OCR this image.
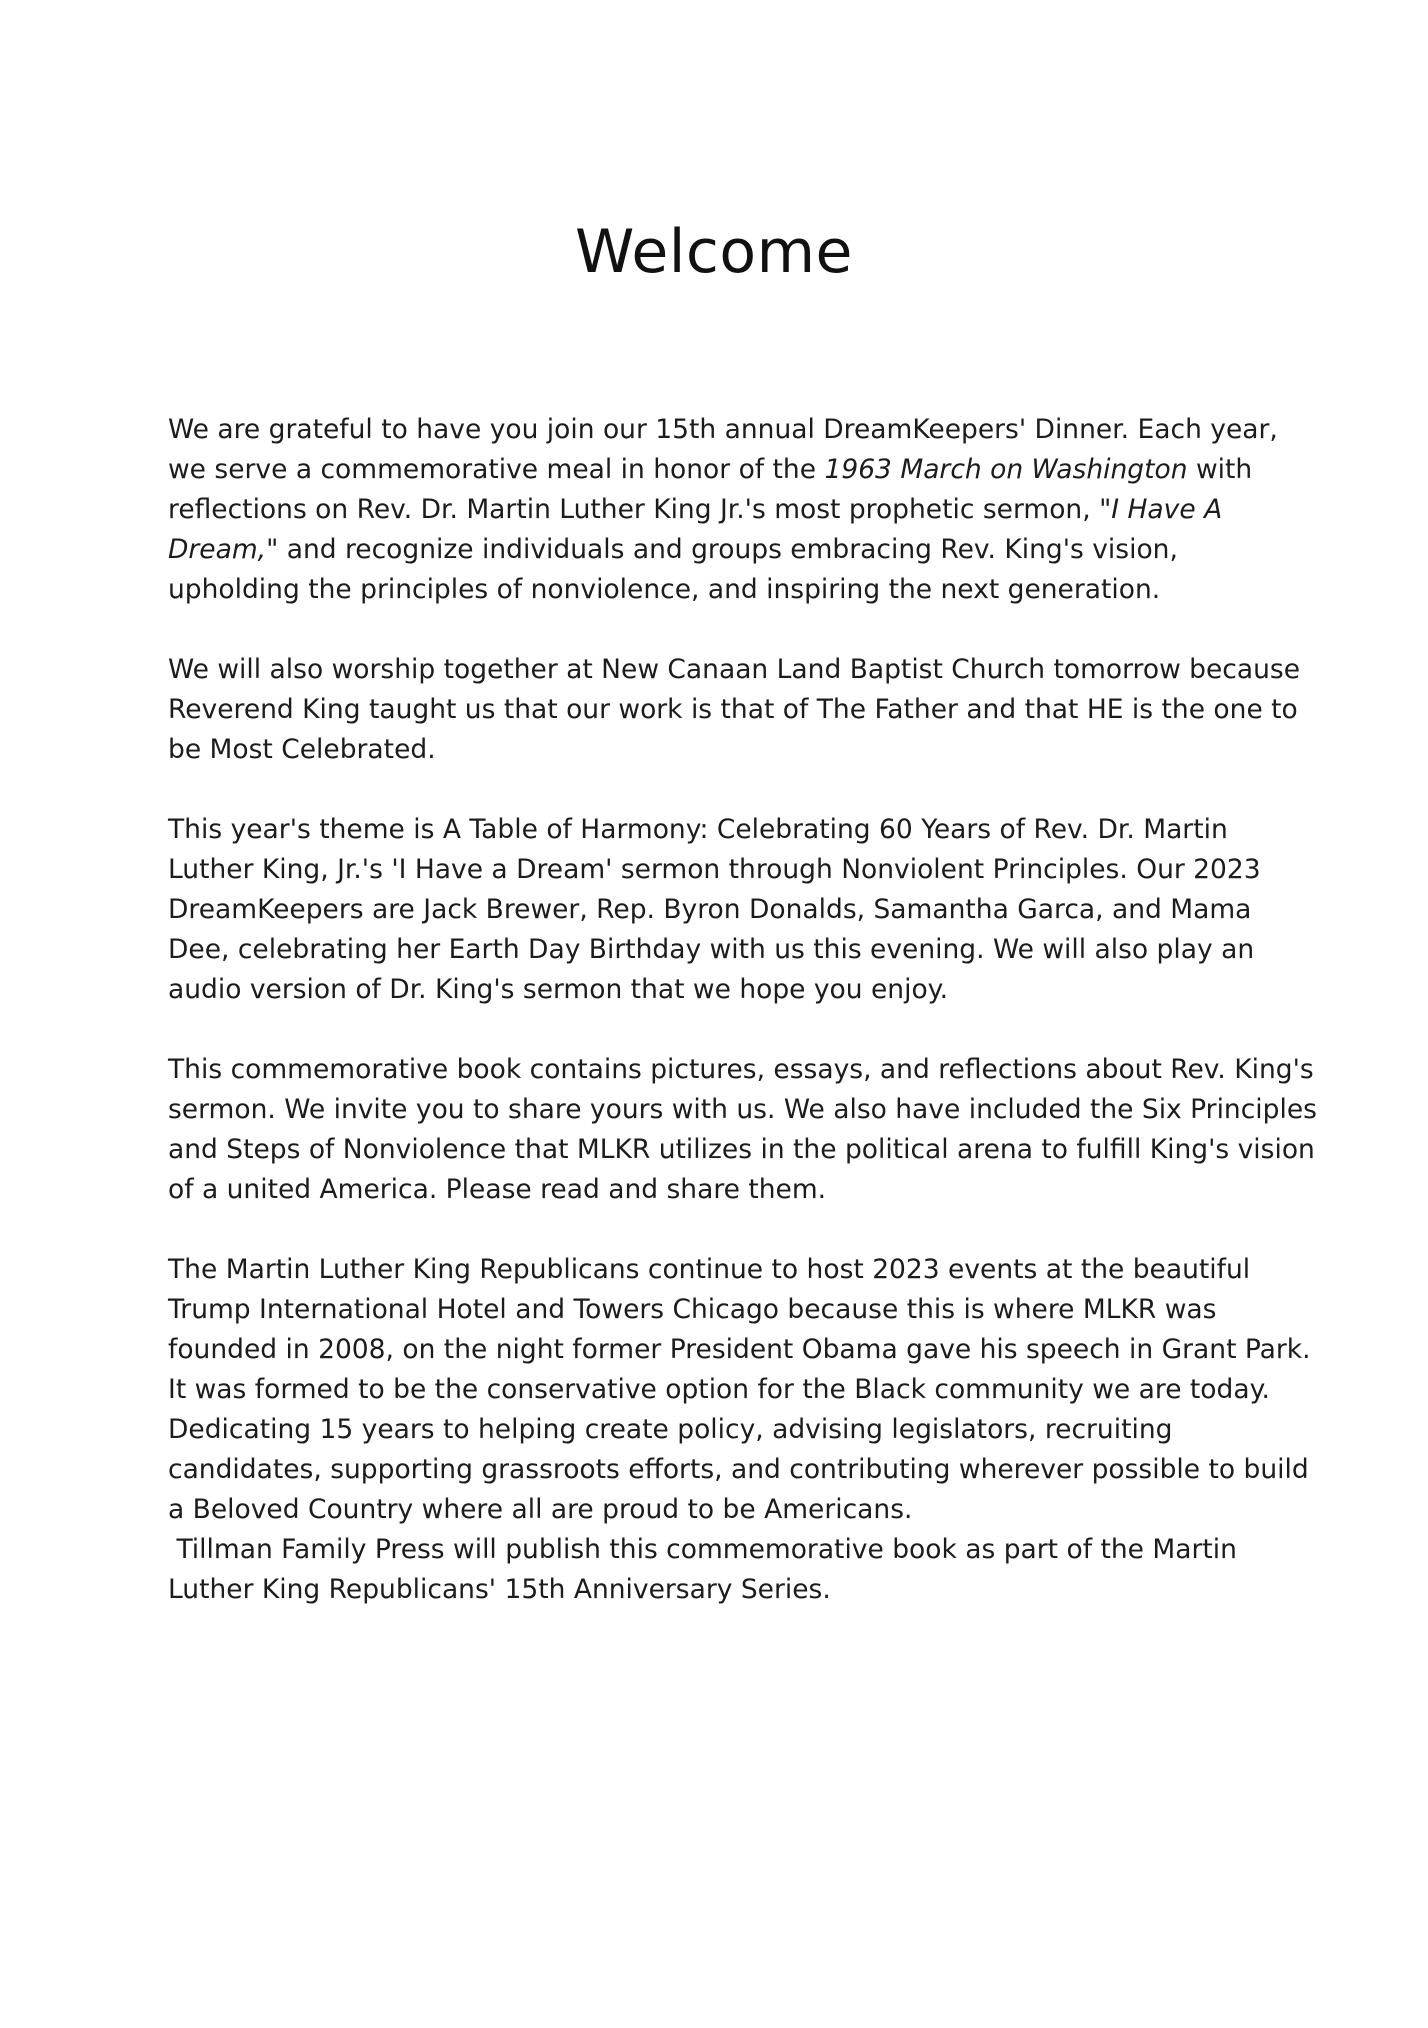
Welcome

We are grateful to have you join our 15th annual DreamKeepers' Dinner. Each year, we serve a commemorative meal in honor of the 1963 March on Washington with reflections on Rev. Dr. Martin Luther King Jr.'s most prophetic sermon, "I Have A Dream," and recognize individuals and groups embracing Rev. King's vision, upholding the principles of nonviolence, and inspiring the next generation.

We will also worship together at New Canaan Land Baptist Church tomorrow because Reverend King taught us that our work is that of The Father and that HE is the one to be Most Celebrated.

This year's theme is A Table of Harmony: Celebrating 60 Years of Rev. Dr. Martin Luther King, Jr.'s 'I Have a Dream' sermon through Nonviolent Principles. Our 2023 DreamKeepers are Jack Brewer, Rep. Byron Donalds, Samantha Garca, and Mama Dee, celebrating her Earth Day Birthday with us this evening. We will also play an audio version of Dr. King's sermon that we hope you enjoy.

This commemorative book contains pictures, essays, and reflections about Rev. King's sermon. We invite you to share yours with us. We also have included the Six Principles and Steps of Nonviolence that MLKR utilizes in the political arena to fulfill King's vision of a united America. Please read and share them.

The Martin Luther King Republicans continue to host 2023 events at the beautiful Trump International Hotel and Towers Chicago because this is where MLKR was founded in 2008, on the night former President Obama gave his speech in Grant Park. It was formed to be the conservative option for the Black community we are today. Dedicating 15 years to helping create policy, advising legislators, recruiting candidates, supporting grassroots efforts, and contributing wherever possible to build a Beloved Country where all are proud to be Americans.
Tillman Family Press will publish this commemorative book as part of the Martin Luther King Republicans' 15th Anniversary Series.
